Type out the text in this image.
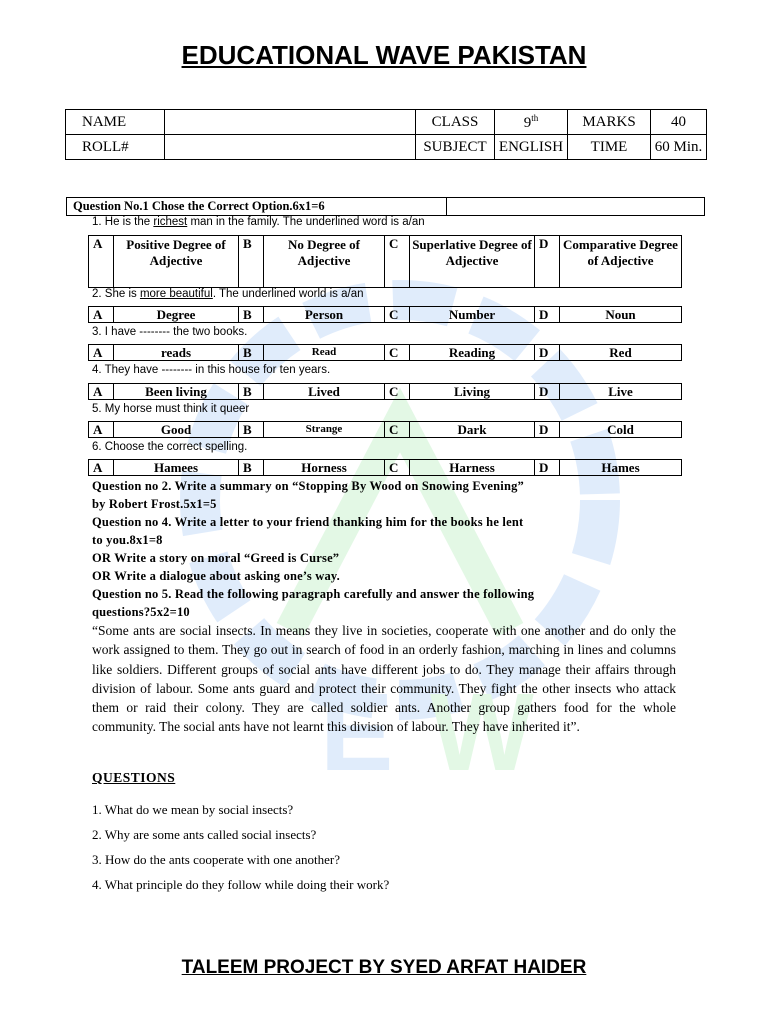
E W
EDUCATIONAL WAVE PAKISTAN
NAME		CLASS	9th	MARKS	40
ROLL#		SUBJECT	ENGLISH	TIME	60 Min.
Question No.1 Chose the Correct Option.6x1=6
1. He is the richest man in the family. The underlined word is a/an
A	Positive Degree of Adjective	B	No Degree of Adjective	C	Superlative Degree of Adjective	D	Comparative Degree of Adjective
2. She is more beautiful. The underlined world is a/an
A	Degree	B	Person	C	Number	D	Noun
3. I have -------- the two books.
A	reads	B	Read	C	Reading	D	Red
4. They have -------- in this house for ten years.
A	Been living	B	Lived	C	Living	D	Live
5. My horse must think it queer
A	Good	B	Strange	C	Dark	D	Cold
6. Choose the correct spelling.
A	Hamees	B	Horness	C	Harness	D	Hames
Question no 2. Write a summary on “Stopping By Wood on Snowing Evening”
by Robert Frost.5x1=5
Question no 4. Write a letter to your friend thanking him for the books he lent
to you.8x1=8
OR Write a story on moral “Greed is Curse”
OR Write a dialogue about asking one’s way.
Question no 5. Read the following paragraph carefully and answer the following
questions?5x2=10
“Some ants are social insects. In means they live in societies, cooperate with one another and do only the work assigned to them. They go out in search of food in an orderly fashion, marching in lines and columns like soldiers. Different groups of social ants have different jobs to do. They manage their affairs through division of labour. Some ants guard and protect their community. They fight the other insects who attack them or raid their colony. They are called soldier ants. Another group gathers food for the whole community. The social ants have not learnt this division of labour. They have inherited it”.
QUESTIONS
1. What do we mean by social insects?
2. Why are some ants called social insects?
3. How do the ants cooperate with one another?
4. What principle do they follow while doing their work?
TALEEM PROJECT BY SYED ARFAT HAIDER
